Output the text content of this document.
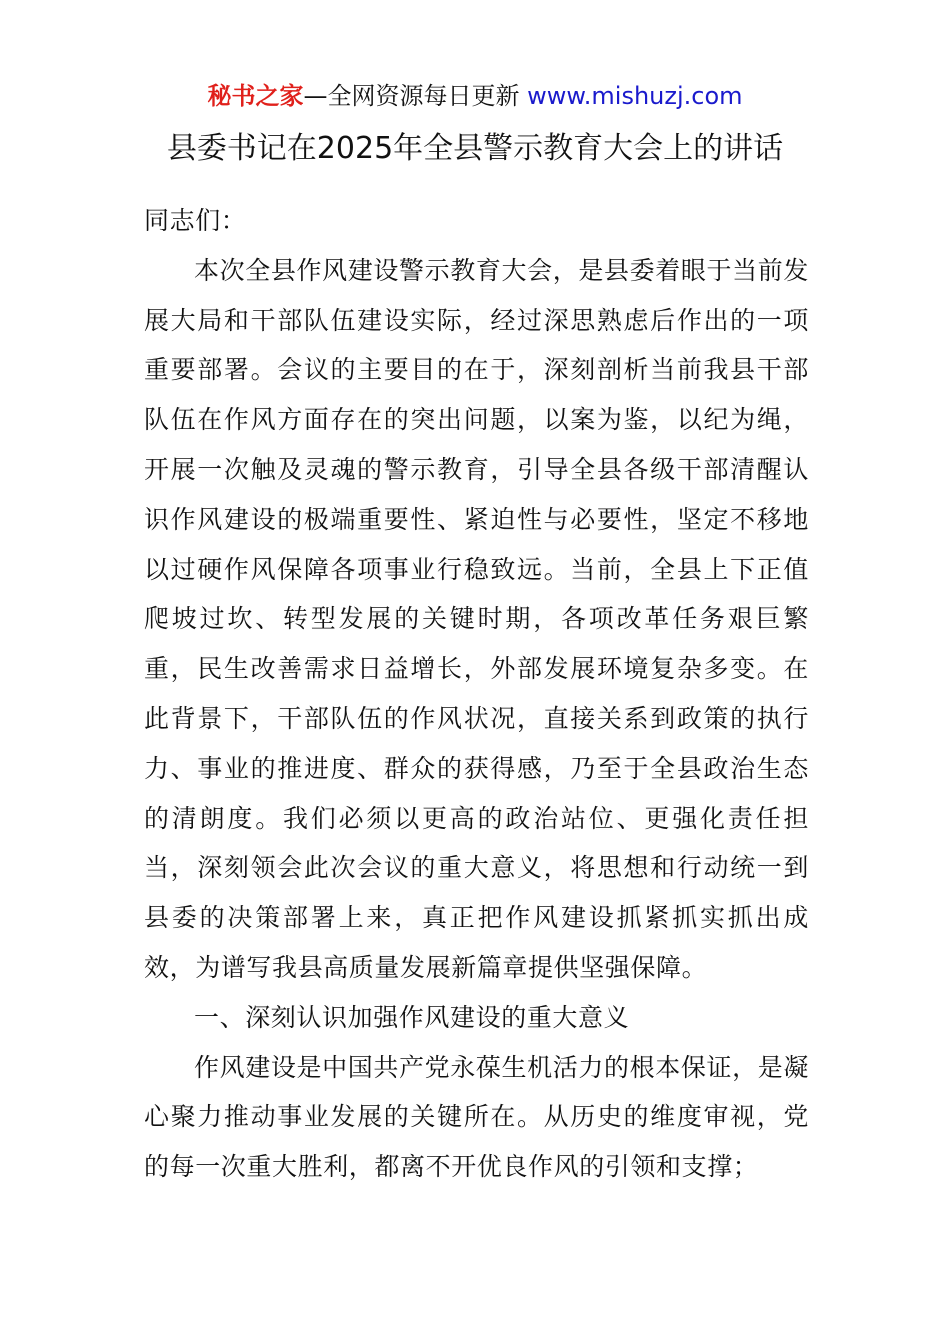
秘书之家—全网资源每日更新 www.mishuzj.com
县委书记在2025年全县警示教育大会上的讲话

同志们：

本次全县作风建设警示教育大会，是县委着眼于当前发展大局和干部队伍建设实际，经过深思熟虑后作出的一项重要部署。会议的主要目的在于，深刻剖析当前我县干部队伍在作风方面存在的突出问题，以案为鉴，以纪为绳，开展一次触及灵魂的警示教育，引导全县各级干部清醒认识作风建设的极端重要性、紧迫性与必要性，坚定不移地以过硬作风保障各项事业行稳致远。当前，全县上下正值爬坡过坎、转型发展的关键时期，各项改革任务艰巨繁重，民生改善需求日益增长，外部发展环境复杂多变。在此背景下，干部队伍的作风状况，直接关系到政策的执行力、事业的推进度、群众的获得感，乃至于全县政治生态的清朗度。我们必须以更高的政治站位、更强化责任担当，深刻领会此次会议的重大意义，将思想和行动统一到县委的决策部署上来，真正把作风建设抓紧抓实抓出成效，为谱写我县高质量发展新篇章提供坚强保障。

一、深刻认识加强作风建设的重大意义

作风建设是中国共产党永葆生机活力的根本保证，是凝心聚力推动事业发展的关键所在。从历史的维度审视，党的每一次重大胜利，都离不开优良作风的引领和支撑；
